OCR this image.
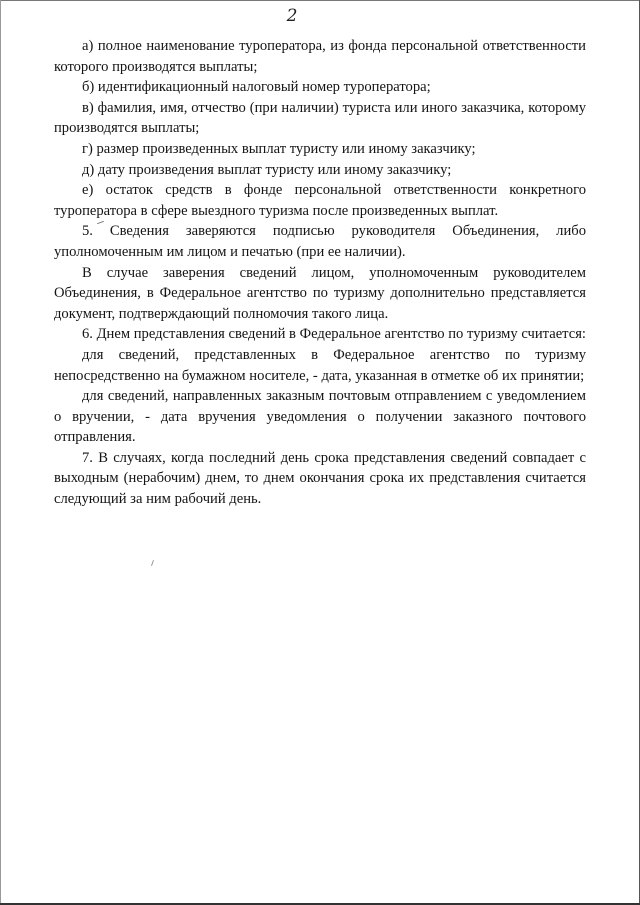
2

а) полное наименование туроператора, из фонда персональной ответственности которого производятся выплаты;

б) идентификационный налоговый номер туроператора;

в) фамилия, имя, отчество (при наличии) туриста или иного заказчика, которому производятся выплаты;

г) размер произведенных выплат туристу или иному заказчику;

д) дату произведения выплат туристу или иному заказчику;

е) остаток средств в фонде персональной ответственности конкретного туроператора в сфере выездного туризма после произведенных выплат.

5. Сведения заверяются подписью руководителя Объединения, либо уполномоченным им лицом и печатью (при ее наличии).

В случае заверения сведений лицом, уполномоченным руководителем Объединения, в Федеральное агентство по туризму дополнительно представляется документ, подтверждающий полномочия такого лица.

6. Днем представления сведений в Федеральное агентство по туризму считается:

для сведений, представленных в Федеральное агентство по туризму непосредственно на бумажном носителе, - дата, указанная в отметке об их принятии;

для сведений, направленных заказным почтовым отправлением с уведомлением о вручении, - дата вручения уведомления о получении заказного почтового отправления.

7. В случаях, когда последний день срока представления сведений совпадает с выходным (нерабочим) днем, то днем окончания срока их представления считается следующий за ним рабочий день.
